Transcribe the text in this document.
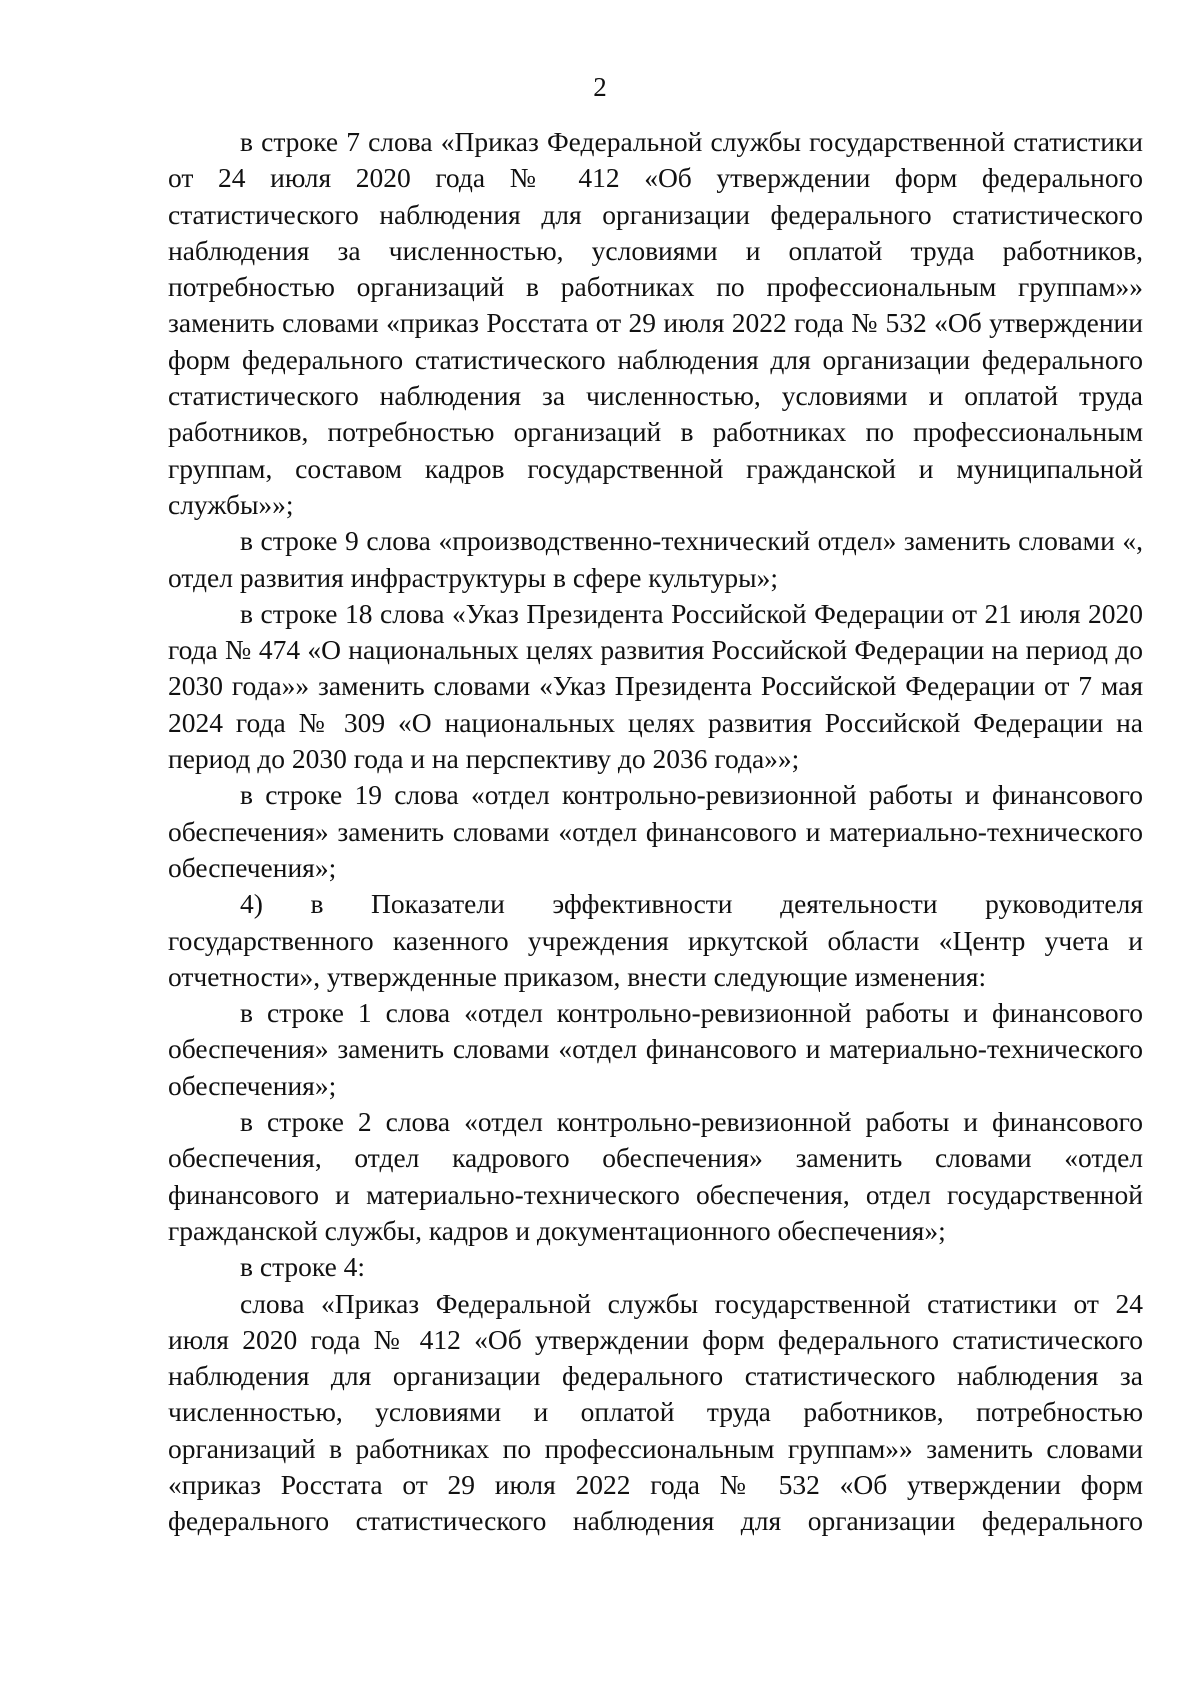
2

в строке 7 слова «Приказ Федеральной службы государственной статистики от 24 июля 2020 года № 412 «Об утверждении форм федерального статистического наблюдения для организации федерального статистического наблюдения за численностью, условиями и оплатой труда работников, потребностью организаций в работниках по профессиональным группам»» заменить словами «приказ Росстата от 29 июля 2022 года № 532 «Об утверждении форм федерального статистического наблюдения для организации федерального статистического наблюдения за численностью, условиями и оплатой труда работников, потребностью организаций в работниках по профессиональным группам, составом кадров государственной гражданской и муниципальной службы»»;

в строке 9 слова «производственно-технический отдел» заменить словами «, отдел развития инфраструктуры в сфере культуры»;

в строке 18 слова «Указ Президента Российской Федерации от 21 июля 2020 года № 474 «О национальных целях развития Российской Федерации на период до 2030 года»» заменить словами «Указ Президента Российской Федерации от 7 мая 2024 года № 309 «О национальных целях развития Российской Федерации на период до 2030 года и на перспективу до 2036 года»»;

в строке 19 слова «отдел контрольно-ревизионной работы и финансового обеспечения» заменить словами «отдел финансового и материально-технического обеспечения»;

4) в Показатели эффективности деятельности руководителя государственного казенного учреждения иркутской области «Центр учета и отчетности», утвержденные приказом, внести следующие изменения:

в строке 1 слова «отдел контрольно-ревизионной работы и финансового обеспечения» заменить словами «отдел финансового и материально-технического обеспечения»;

в строке 2 слова «отдел контрольно-ревизионной работы и финансового обеспечения, отдел кадрового обеспечения» заменить словами «отдел финансового и материально-технического обеспечения, отдел государственной гражданской службы, кадров и документационного обеспечения»;

в строке 4:

слова «Приказ Федеральной службы государственной статистики от 24 июля 2020 года № 412 «Об утверждении форм федерального статистического наблюдения для организации федерального статистического наблюдения за численностью, условиями и оплатой труда работников, потребностью организаций в работниках по профессиональным группам»» заменить словами «приказ Росстата от 29 июля 2022 года № 532 «Об утверждении форм федерального статистического наблюдения для организации федерального
